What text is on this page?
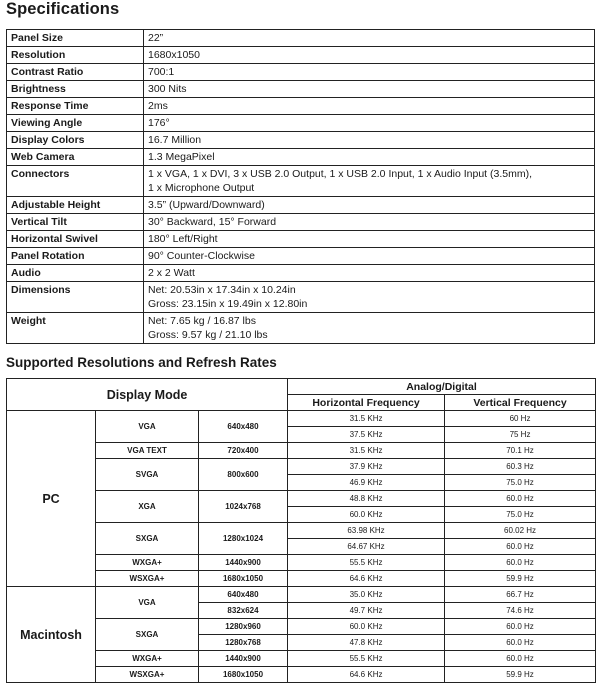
Specifications
Panel Size	22”
Resolution	1680x1050
Contrast Ratio	700:1
Brightness	300 Nits
Response Time	2ms
Viewing Angle	176°
Display Colors	16.7 Million
Web Camera	1.3 MegaPixel
Connectors	1 x VGA, 1 x DVI, 3 x USB 2.0 Output, 1 x USB 2.0 Input, 1 x Audio Input (3.5mm),
1 x Microphone Output
Adjustable Height	3.5” (Upward/Downward)
Vertical Tilt	30° Backward, 15° Forward
Horizontal Swivel	180° Left/Right
Panel Rotation	90° Counter-Clockwise
Audio	2 x 2 Watt
Dimensions	Net: 20.53in x 17.34in x 10.24in
Gross: 23.15in x 19.49in x 12.80in
Weight	Net: 7.65 kg / 16.87 lbs
Gross: 9.57 kg / 21.10 lbs
Supported Resolutions and Refresh Rates
Display Mode			Analog/Digital	
			Horizontal Frequency	Vertical Frequency
PC	VGA	640x480	31.5 KHz	60 Hz
			37.5 KHz	75 Hz
	VGA TEXT	720x400	31.5 KHz	70.1 Hz
	SVGA	800x600	37.9 KHz	60.3 Hz
			46.9 KHz	75.0 Hz
	XGA	1024x768	48.8 KHz	60.0 Hz
			60.0 KHz	75.0 Hz
	SXGA	1280x1024	63.98 KHz	60.02 Hz
			64.67 KHz	60.0 Hz
	WXGA+	1440x900	55.5 KHz	60.0 Hz
	WSXGA+	1680x1050	64.6 KHz	59.9 Hz
Macintosh	VGA	640x480	35.0 KHz	66.7 Hz
		832x624	49.7 KHz	74.6 Hz
	SXGA	1280x960	60.0 KHz	60.0 Hz
		1280x768	47.8 KHz	60.0 Hz
	WXGA+	1440x900	55.5 KHz	60.0 Hz
	WSXGA+	1680x1050	64.6 KHz	59.9 Hz
